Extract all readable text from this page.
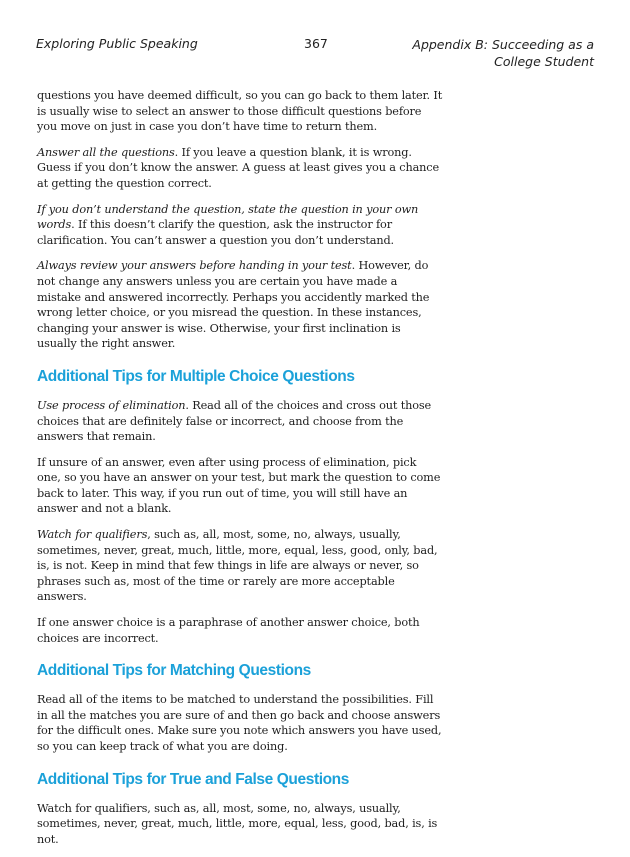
Exploring Public Speaking	367	Appendix B: Succeeding as a
College Student

questions you have deemed difficult, so you can go back to them later. It is usually wise to select an answer to those difficult questions before you move on just in case you don’t have time to return them.

Answer all the questions. If you leave a question blank, it is wrong. Guess if you don’t know the answer. A guess at least gives you a chance at getting the question correct.

If you don’t understand the question, state the question in your own words. If this doesn’t clarify the question, ask the instructor for clarification. You can’t answer a question you don’t understand.

Always review your answers before handing in your test. However, do not change any answers unless you are certain you have made a mistake and answered incorrectly. Perhaps you accidently marked the wrong letter choice, or you misread the question. In these instances, changing your answer is wise. Otherwise, your first inclination is usually the right answer.

Additional Tips for Multiple Choice Questions

Use process of elimination. Read all of the choices and cross out those choices that are definitely false or incorrect, and choose from the answers that remain.

If unsure of an answer, even after using process of elimination, pick one, so you have an answer on your test, but mark the question to come back to later. This way, if you run out of time, you will still have an answer and not a blank.

Watch for qualifiers, such as, all, most, some, no, always, usually, sometimes, never, great, much, little, more, equal, less, good, only, bad, is, is not. Keep in mind that few things in life are always or never, so phrases such as, most of the time or rarely are more acceptable answers.

If one answer choice is a paraphrase of another answer choice, both choices are incorrect.

Additional Tips for Matching Questions

Read all of the items to be matched to understand the possibilities. Fill in all the matches you are sure of and then go back and choose answers for the difficult ones. Make sure you note which answers you have used, so you can keep track of what you are doing.

Additional Tips for True and False Questions

Watch for qualifiers, such as, all, most, some, no, always, usually, sometimes, never, great, much, little, more, equal, less, good, bad, is, is not.
